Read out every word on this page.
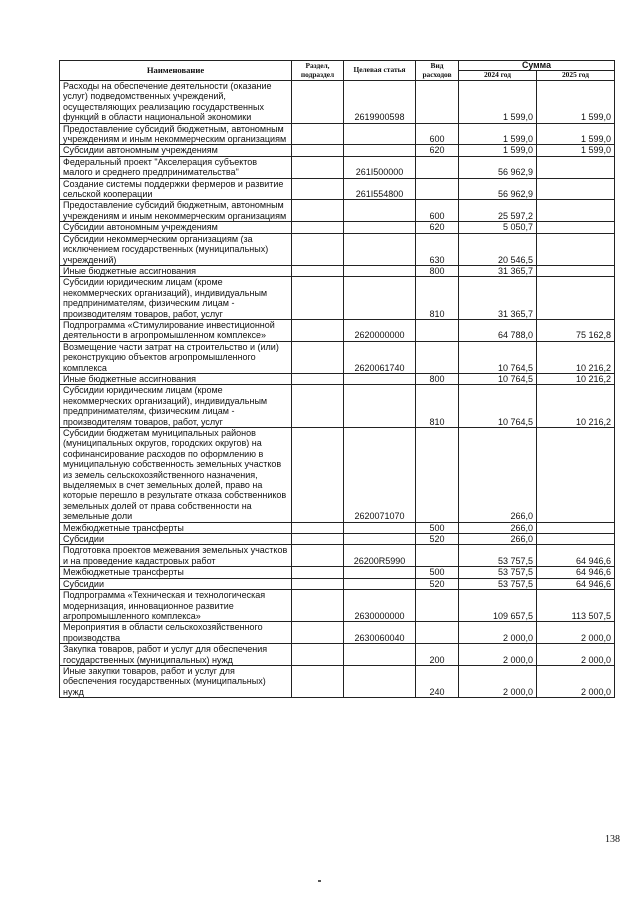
Наименование	Раздел, подраздел	Целевая статья	Вид расходов	Сумма	
				2024 год	2025 год
Расходы на обеспечение деятельности (оказание услуг) подведомственных учреждений, осуществляющих реализацию государственных функций в области национальной экономики		2619900598		1 599,0	1 599,0
Предоставление субсидий бюджетным, автономным учреждениям и иным некоммерческим организациям			600	1 599,0	1 599,0
Субсидии автономным учреждениям			620	1 599,0	1 599,0
Федеральный проект "Акселерация субъектов малого и среднего предпринимательства"		261I500000		56 962,9	
Создание системы поддержки фермеров и развитие сельской кооперации		261I554800		56 962,9	
Предоставление субсидий бюджетным, автономным учреждениям и иным некоммерческим организациям			600	25 597,2	
Субсидии автономным учреждениям			620	5 050,7	
Субсидии некоммерческим организациям (за исключением государственных (муниципальных) учреждений)			630	20 546,5	
Иные бюджетные ассигнования			800	31 365,7	
Субсидии юридическим лицам (кроме некоммерческих организаций), индивидуальным предпринимателям, физическим лицам - производителям товаров, работ, услуг			810	31 365,7	
Подпрограмма «Стимулирование инвестиционной деятельности в агропромышленном комплексе»		2620000000		64 788,0	75 162,8
Возмещение части затрат на строительство и (или) реконструкцию объектов агропромышленного комплекса		2620061740		10 764,5	10 216,2
Иные бюджетные ассигнования			800	10 764,5	10 216,2
Субсидии юридическим лицам (кроме некоммерческих организаций), индивидуальным предпринимателям, физическим лицам - производителям товаров, работ, услуг			810	10 764,5	10 216,2
Субсидии бюджетам муниципальных районов (муниципальных округов, городских округов) на софинансирование расходов по оформлению в муниципальную собственность земельных участков из земель сельскохозяйственного назначения, выделяемых в счет земельных долей, право на которые перешло в результате отказа собственников земельных долей от права собственности на земельные доли		2620071070		266,0	
Межбюджетные трансферты			500	266,0	
Субсидии			520	266,0	
Подготовка проектов межевания земельных участков и на проведение кадастровых работ		26200R5990		53 757,5	64 946,6
Межбюджетные трансферты			500	53 757,5	64 946,6
Субсидии			520	53 757,5	64 946,6
Подпрограмма «Техническая и технологическая модернизация, инновационное развитие агропромышленного комплекса»		2630000000		109 657,5	113 507,5
Мероприятия в области сельскохозяйственного производства		2630060040		2 000,0	2 000,0
Закупка товаров, работ и услуг для обеспечения государственных (муниципальных) нужд			200	2 000,0	2 000,0
Иные закупки товаров, работ и услуг для обеспечения государственных (муниципальных) нужд			240	2 000,0	2 000,0
138
